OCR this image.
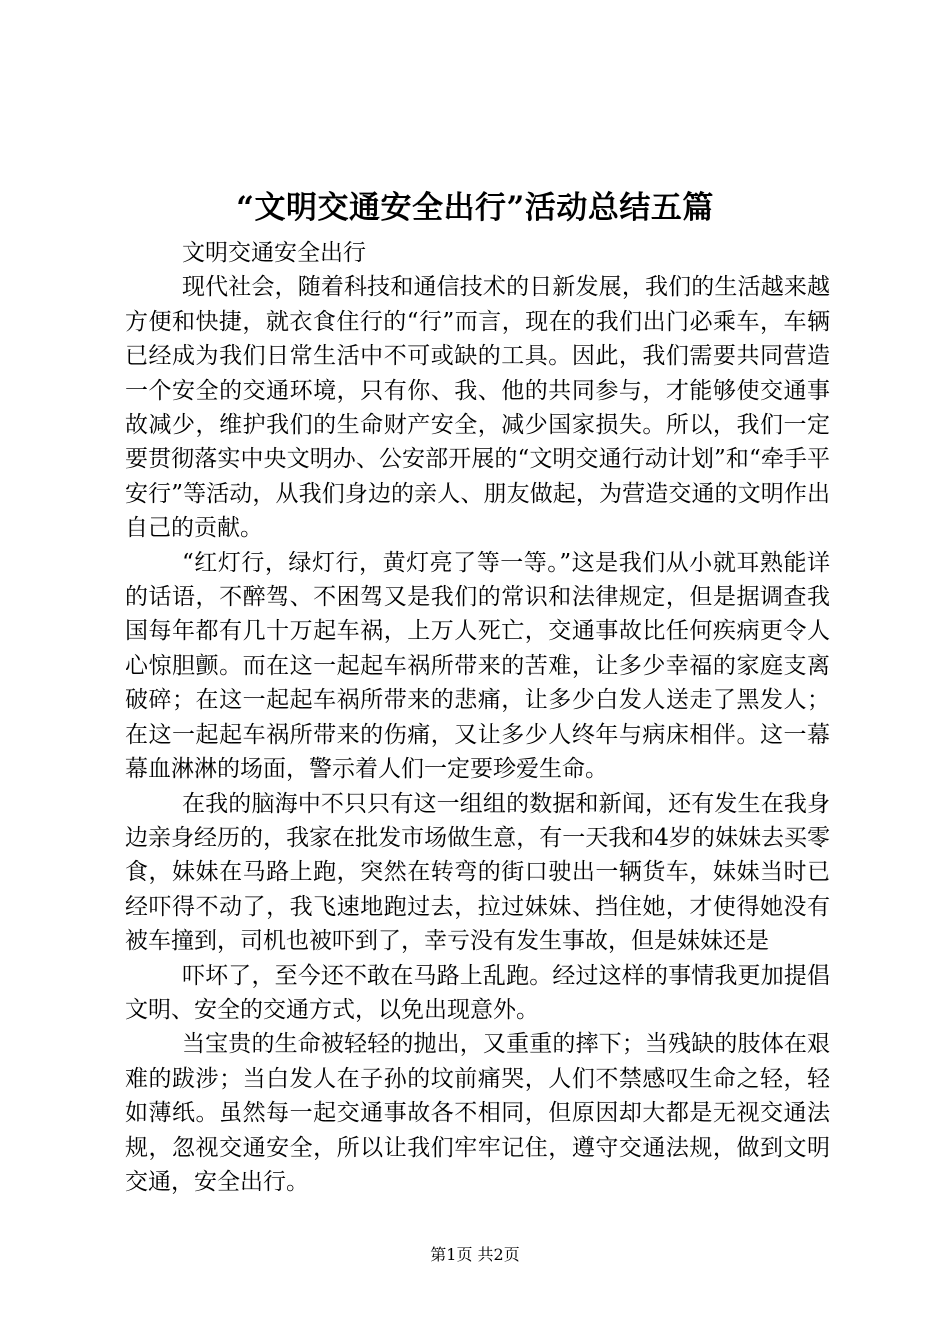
“文明交通安全出行”活动总结五篇

文明交通安全出行

现代社会，随着科技和通信技术的日新发展，我们的生活越来越方便和快捷，就衣食住行的“行”而言，现在的我们出门必乘车，车辆已经成为我们日常生活中不可或缺的工具。因此，我们需要共同营造一个安全的交通环境，只有你、我、他的共同参与，才能够使交通事故减少，维护我们的生命财产安全，减少国家损失。所以，我们一定要贯彻落实中央文明办、公安部开展的“文明交通行动计划”和“牵手平安行”等活动，从我们身边的亲人、朋友做起，为营造交通的文明作出自己的贡献。

“红灯行，绿灯行，黄灯亮了等一等。”这是我们从小就耳熟能详的话语，不醉驾、不困驾又是我们的常识和法律规定，但是据调查我国每年都有几十万起车祸，上万人死亡，交通事故比任何疾病更令人心惊胆颤。而在这一起起车祸所带来的苦难，让多少幸福的家庭支离破碎；在这一起起车祸所带来的悲痛，让多少白发人送走了黑发人；在这一起起车祸所带来的伤痛，又让多少人终年与病床相伴。这一幕幕血淋淋的场面，警示着人们一定要珍爱生命。

在我的脑海中不只只有这一组组的数据和新闻，还有发生在我身边亲身经历的，我家在批发市场做生意，有一天我和4岁的妹妹去买零食，妹妹在马路上跑，突然在转弯的街口驶出一辆货车，妹妹当时已经吓得不动了，我飞速地跑过去，拉过妹妹、挡住她，才使得她没有被车撞到，司机也被吓到了，幸亏没有发生事故，但是妹妹还是

吓坏了，至今还不敢在马路上乱跑。经过这样的事情我更加提倡文明、安全的交通方式，以免出现意外。

当宝贵的生命被轻轻的抛出，又重重的摔下；当残缺的肢体在艰难的跋涉；当白发人在子孙的坟前痛哭，人们不禁感叹生命之轻，轻如薄纸。虽然每一起交通事故各不相同，但原因却大都是无视交通法规，忽视交通安全，所以让我们牢牢记住，遵守交通法规，做到文明交通，安全出行。

第1页 共2页
